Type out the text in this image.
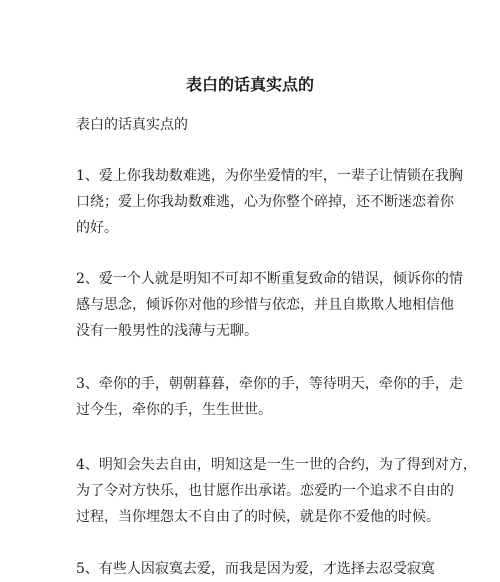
表白的话真实点的

表白的话真实点的

1、爱上你我劫数难逃，为你坐爱情的牢，一辈子让情锁在我胸
口绕；爱上你我劫数难逃，心为你整个碎掉，还不断迷恋着你
的好。

2、爱一个人就是明知不可却不断重复致命的错误，倾诉你的情
感与思念，倾诉你对他的珍惜与依恋，并且自欺欺人地相信他
没有一般男性的浅薄与无聊。

3、牵你的手，朝朝暮暮，牵你的手，等待明天，牵你的手，走
过今生，牵你的手，生生世世。

4、明知会失去自由，明知这是一生一世的合约，为了得到对方，
为了令对方快乐，也甘愿作出承诺。恋爱旳一个追求不自由的
过程，当你埋怨太不自由了的时候，就是你不爱他的时候。

5、有些人因寂寞去爱，而我是因为爱，才选择去忍受寂寞
